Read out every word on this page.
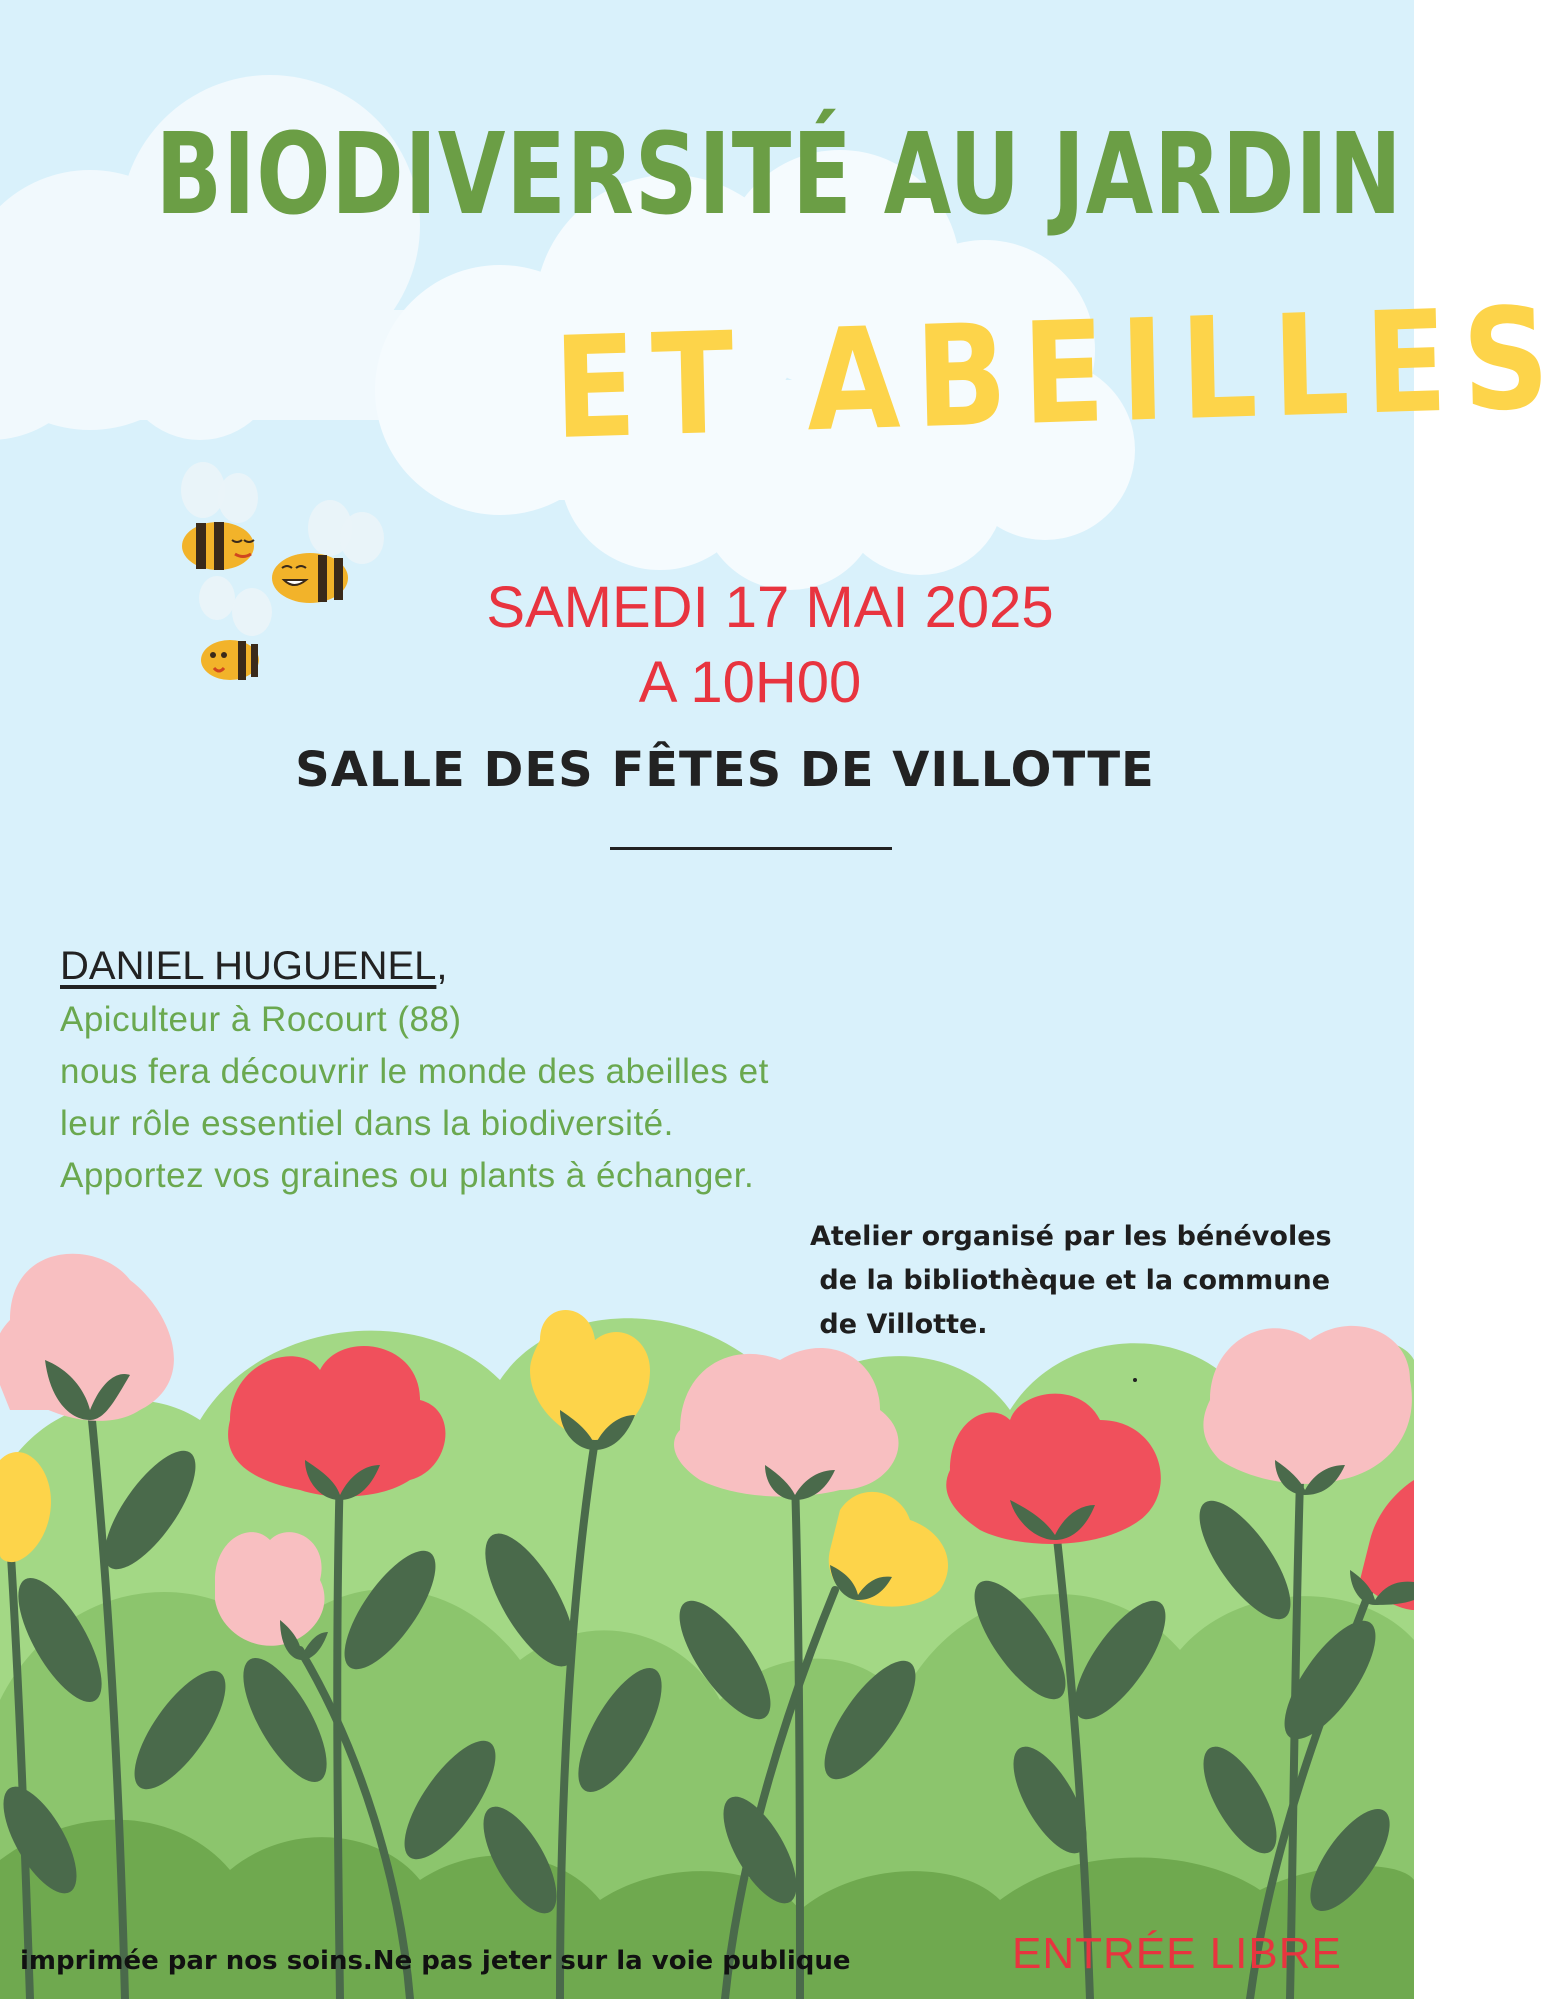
BIODIVERSITÉ AU JARDIN
ET ABEILLES
SAMEDI 17 MAI 2025
A 10H00
SALLE DES FÊTES DE VILLOTTE
DANIEL HUGUENEL,
Apiculteur à Rocourt (88)
nous fera découvrir le monde des abeilles et
leur rôle essentiel dans la biodiversité.
Apportez vos graines ou plants à échanger.
Atelier organisé par les bénévoles
de la bibliothèque et la commune
de Villotte.
imprimée par nos soins.Ne pas jeter sur la voie publique	ENTRÉE LIBRE
